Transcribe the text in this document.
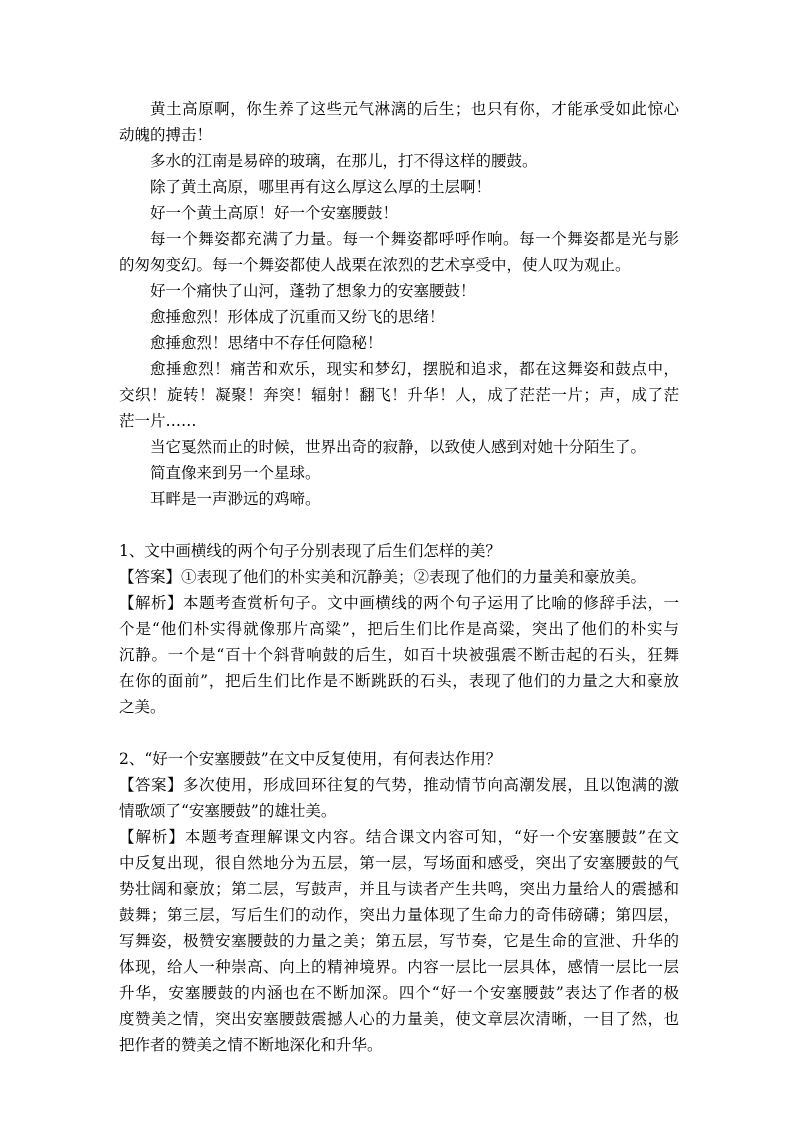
黄土高原啊，你生养了这些元气淋漓的后生；也只有你，才能承受如此惊心
动魄的搏击！
多水的江南是易碎的玻璃，在那儿，打不得这样的腰鼓。
除了黄土高原，哪里再有这么厚这么厚的土层啊！
好一个黄土高原！好一个安塞腰鼓！
每一个舞姿都充满了力量。每一个舞姿都呼呼作响。每一个舞姿都是光与影
的匆匆变幻。每一个舞姿都使人战栗在浓烈的艺术享受中，使人叹为观止。
好一个痛快了山河，蓬勃了想象力的安塞腰鼓！
愈捶愈烈！形体成了沉重而又纷飞的思绪！
愈捶愈烈！思绪中不存任何隐秘！
愈捶愈烈！痛苦和欢乐，现实和梦幻，摆脱和追求，都在这舞姿和鼓点中，
交织！旋转！凝聚！奔突！辐射！翻飞！升华！人，成了茫茫一片；声，成了茫
茫一片……
当它戛然而止的时候，世界出奇的寂静，以致使人感到对她十分陌生了。
简直像来到另一个星球。
耳畔是一声渺远的鸡啼。
1、文中画横线的两个句子分别表现了后生们怎样的美？
【答案】①表现了他们的朴实美和沉静美；②表现了他们的力量美和豪放美。
【解析】本题考查赏析句子。文中画横线的两个句子运用了比喻的修辞手法，一
个是“他们朴实得就像那片高粱”，把后生们比作是高粱，突出了他们的朴实与
沉静。一个是“百十个斜背响鼓的后生，如百十块被强震不断击起的石头，狂舞
在你的面前”，把后生们比作是不断跳跃的石头，表现了他们的力量之大和豪放
之美。
2、“好一个安塞腰鼓”在文中反复使用，有何表达作用？
【答案】多次使用，形成回环往复的气势，推动情节向高潮发展，且以饱满的激
情歌颂了“安塞腰鼓”的雄壮美。
【解析】本题考查理解课文内容。结合课文内容可知，“好一个安塞腰鼓”在文
中反复出现，很自然地分为五层，第一层，写场面和感受，突出了安塞腰鼓的气
势壮阔和豪放；第二层，写鼓声，并且与读者产生共鸣，突出力量给人的震撼和
鼓舞；第三层，写后生们的动作，突出力量体现了生命力的奇伟磅礴；第四层，
写舞姿，极赞安塞腰鼓的力量之美；第五层，写节奏，它是生命的宣泄、升华的
体现，给人一种崇高、向上的精神境界。内容一层比一层具体，感情一层比一层
升华，安塞腰鼓的内涵也在不断加深。四个“好一个安塞腰鼓”表达了作者的极
度赞美之情，突出安塞腰鼓震撼人心的力量美，使文章层次清晰，一目了然，也
把作者的赞美之情不断地深化和升华。
